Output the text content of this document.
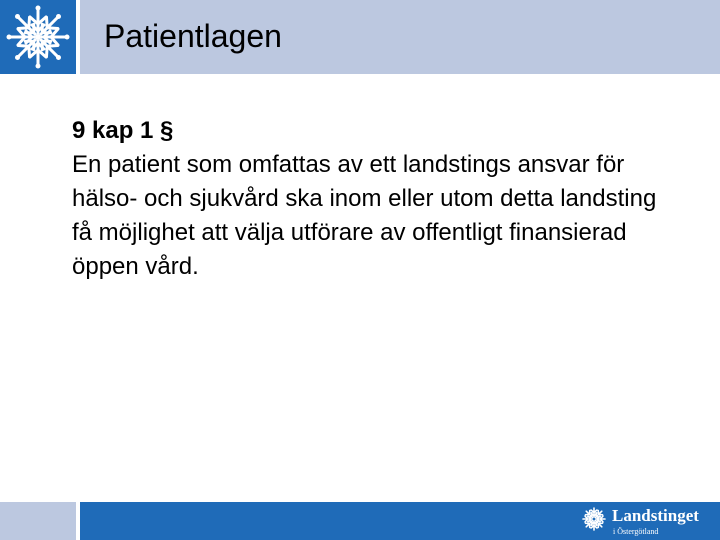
Patientlagen
9 kap 1 §
En patient som omfattas av ett landstings ansvar för hälso- och sjukvård ska inom eller utom detta landsting få möjlighet att välja utförare av offentligt finansierad öppen vård.
Landstinget
i Östergötland
